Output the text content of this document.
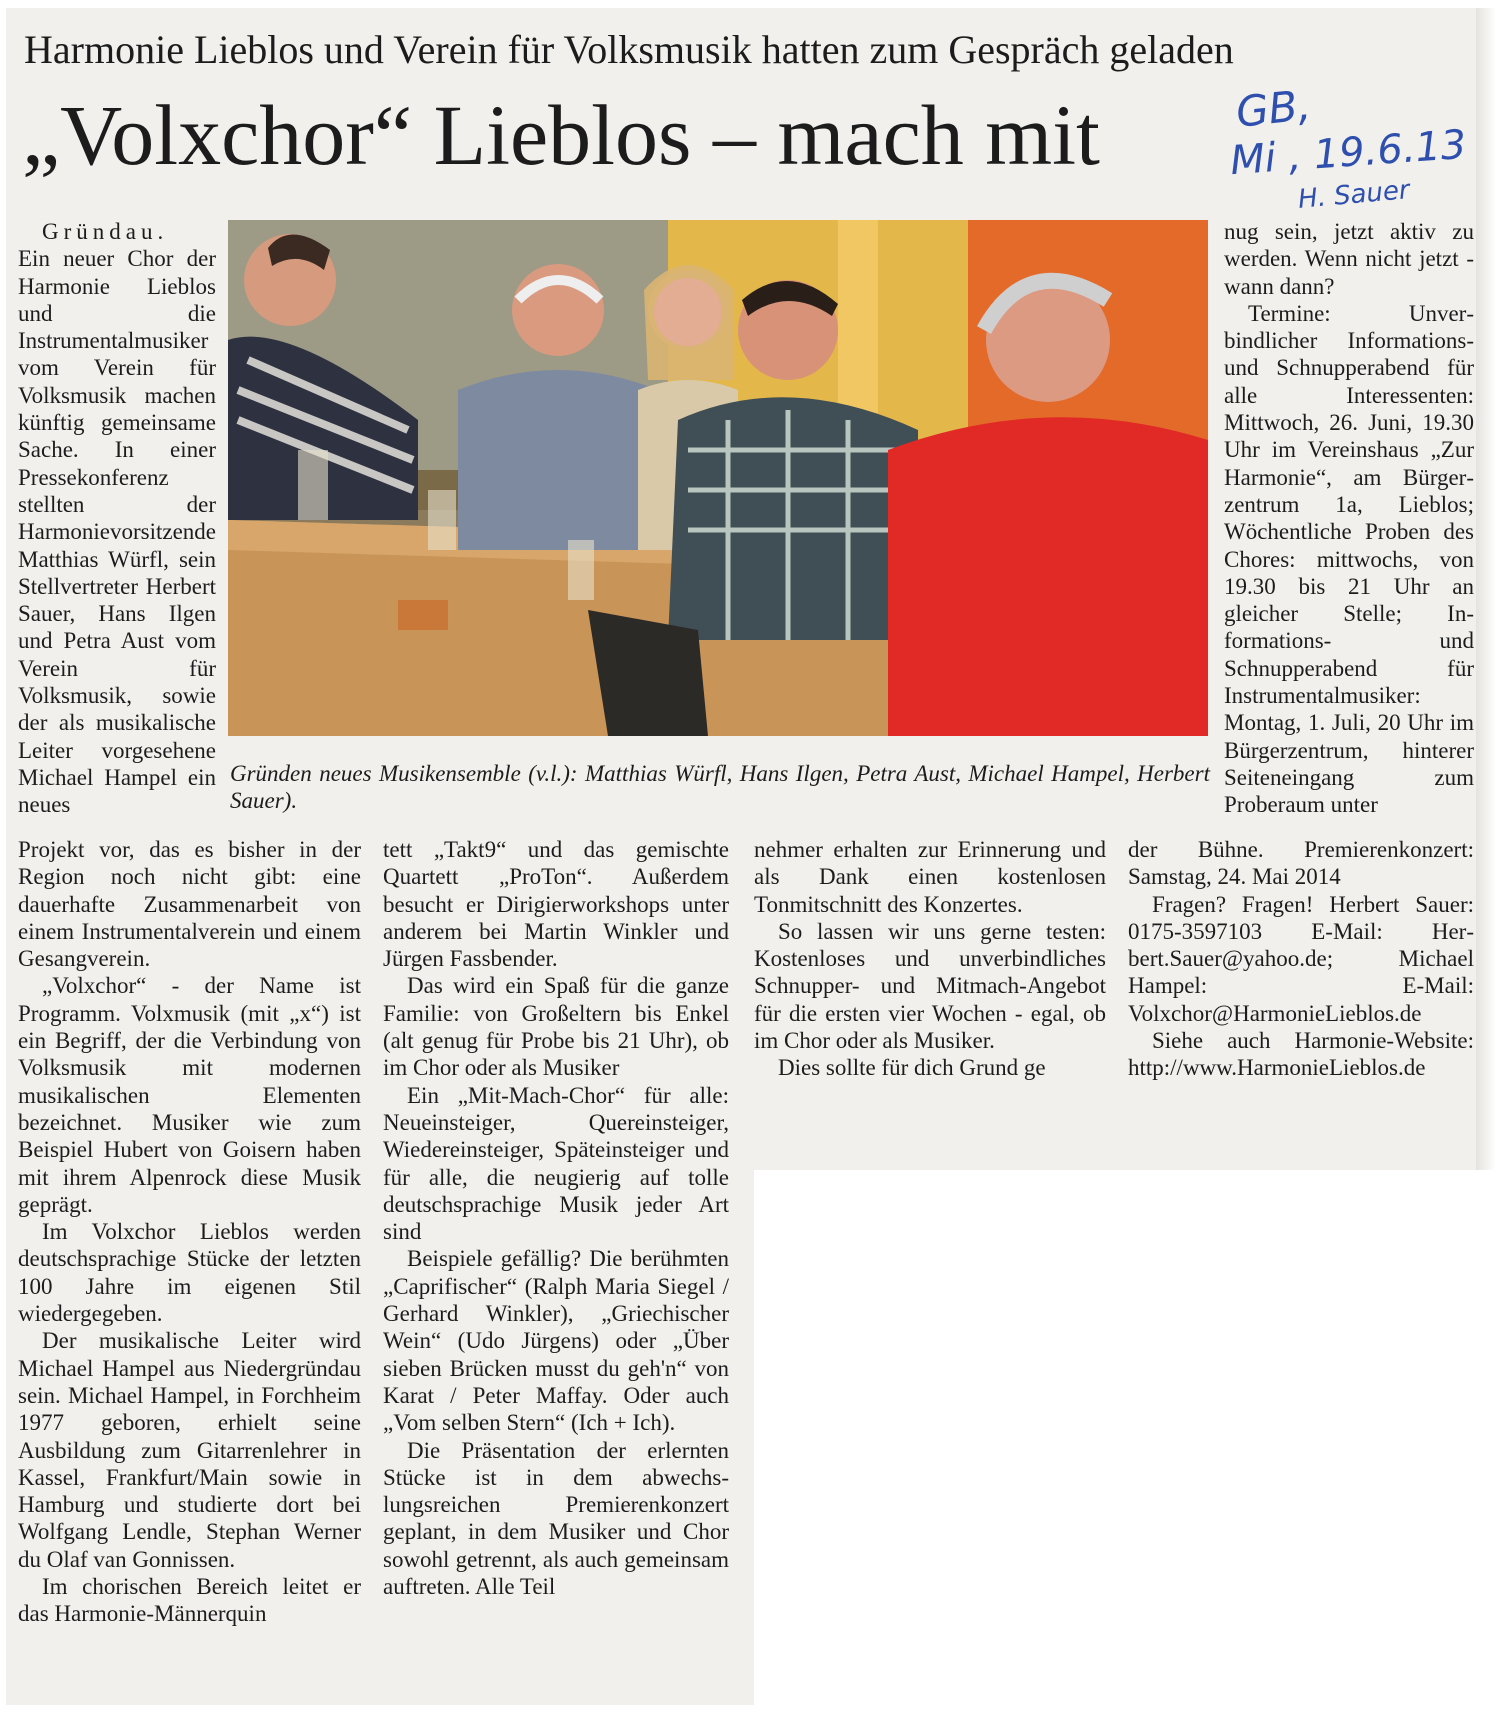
Harmonie Lieblos und Verein für Volksmusik hatten zum Gespräch geladen
„Volxchor“ Lieblos – mach mit	GB,
Mi , 19.6.13
H. Sauer

Gründau.

Ein neuer Chor der Harmonie Lieblos und die Instrumentalmusiker vom Verein für Volksmusik machen künftig gemeinsame Sache. In einer Pressekonferenz stellten der Harmonievorsitzende Matthias Würfl, sein Stellvertreter Herbert Sauer, Hans Ilgen und Petra Aust vom Verein für Volksmusik, sowie der als musikalische Leiter vorgesehene Michael Hampel ein neues

Gründen neues Musikensemble (v.l.): Matthias Würfl, Hans Ilgen, Petra Aust, Michael Hampel, Herbert Sauer).

Projekt vor, das es bisher in der Region noch nicht gibt: eine dauerhafte Zusammenarbeit von einem Instrumentalverein und einem Gesangverein.

„Volxchor“ - der Name ist Programm. Volxmusik (mit „x“) ist ein Begriff, der die Verbindung von Volksmusik mit modernen musikalischen Elementen bezeichnet. Musiker wie zum Beispiel Hubert von Goisern haben mit ihrem Alpenrock diese Musik geprägt.

Im Volxchor Lieblos werden deutschsprachige Stücke der letzten 100 Jahre im eigenen Stil wiedergegeben.

Der musikalische Leiter wird Michael Hampel aus Niedergründau sein. Michael Hampel, in Forchheim 1977 geboren, erhielt seine Ausbildung zum Gitarrenlehrer in Kassel, Frankfurt/Main sowie in Hamburg und studierte dort bei Wolfgang Lendle, Stephan Werner du Olaf van Gonnissen.

Im chorischen Bereich leitet er das Harmonie-Männerquin

tett „Takt9“ und das gemischte Quartett „ProTon“. Außerdem besucht er Dirigierworkshops unter anderem bei Martin Winkler und Jürgen Fassbender.

Das wird ein Spaß für die ganze Familie: von Großeltern bis Enkel (alt genug für Probe bis 21 Uhr), ob im Chor oder als Musiker

Ein „Mit-Mach-Chor“ für alle: Neueinsteiger, Quereinsteiger, Wiedereinsteiger, Späteinsteiger und für alle, die neugierig auf tolle deutschsprachige Musik jeder Art sind

Beispiele gefällig? Die berühmten „Caprifischer“ (Ralph Maria Siegel / Gerhard Winkler), „Griechischer Wein“ (Udo Jürgens) oder „Über sieben Brücken musst du geh'n“ von Karat / Peter Maffay. Oder auch „Vom selben Stern“ (Ich + Ich).

Die Präsentation der erlernten Stücke ist in dem abwechslungsreichen Premierenkonzert geplant, in dem Musiker und Chor sowohl getrennt, als auch gemeinsam auftreten. Alle Teil

nehmer erhalten zur Erinnerung und als Dank einen kostenlosen Tonmitschnitt des Konzertes.

So lassen wir uns gerne testen: Kostenloses und unverbindliches Schnupper- und Mitmach-Angebot für die ersten vier Wochen - egal, ob im Chor oder als Musiker.

Dies sollte für dich Grund ge

nug sein, jetzt aktiv zu werden. Wenn nicht jetzt - wann dann?

Termine: Unverbindlicher Informations- und Schnupperabend für alle Interessenten: Mittwoch, 26. Juni, 19.30 Uhr im Vereinshaus „Zur Harmonie“, am Bürgerzentrum 1a, Lieblos; Wöchentliche Proben des Chores: mittwochs, von 19.30 bis 21 Uhr an gleicher Stelle; Informations- und Schnupperabend für Instrumentalmusiker: Montag, 1. Juli, 20 Uhr im Bürgerzentrum, hinterer Seiteneingang zum Proberaum unter

der Bühne. Premierenkonzert: Samstag, 24. Mai 2014

Fragen? Fragen! Herbert Sauer: 0175-3597103 E-Mail: Herbert.Sauer@yahoo.de; Michael Hampel: E-Mail: Volxchor@HarmonieLieblos.de

Siehe auch Harmonie-Website: http://www.HarmonieLieblos.de
